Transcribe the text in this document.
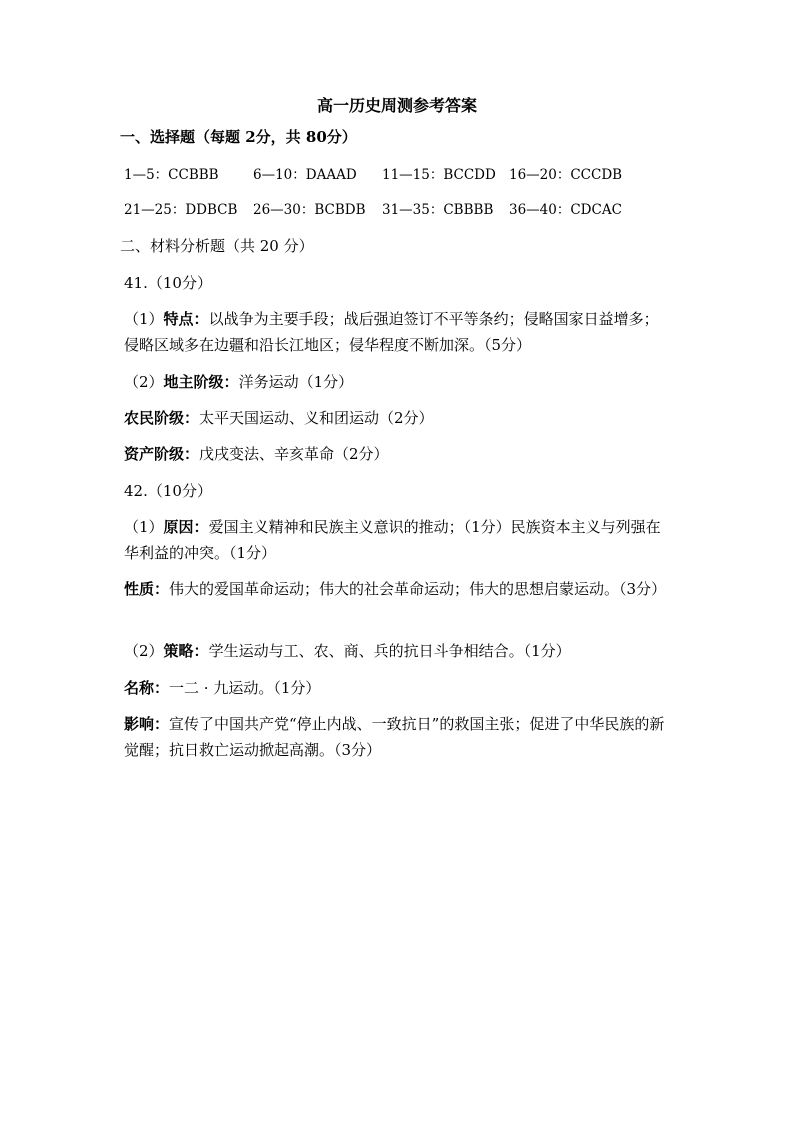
高一历史周测参考答案
一、选择题（每题 2分，共 80分）
1—5：CCBBB	6—10：DAAAD 11—15：BCCDD 16—20：CCCDB
21—25：DDBCB 26—30：BCBDB 31—35：CBBBB 36—40：CDCAC
二、材料分析题（共 20 分）
41.（10分）
（1）特点：以战争为主要手段；战后强迫签订不平等条约；侵略国家日益增多；侵略区域多在边疆和沿长江地区；侵华程度不断加深。（5分）
（2）地主阶级：洋务运动（1分）
农民阶级：太平天国运动、义和团运动（2分）
资产阶级：戊戌变法、辛亥革命（2分）
42.（10分）
（1）原因：爱国主义精神和民族主义意识的推动；（1分）民族资本主义与列强在华利益的冲突。（1分）
性质：伟大的爱国革命运动；伟大的社会革命运动；伟大的思想启蒙运动。（3分）
（2）策略：学生运动与工、农、商、兵的抗日斗争相结合。（1分）
名称：一二 · 九运动。（1分）
影响：宣传了中国共产党“停止内战、一致抗日”的救国主张；促进了中华民族的新觉醒；抗日救亡运动掀起高潮。（3分）
